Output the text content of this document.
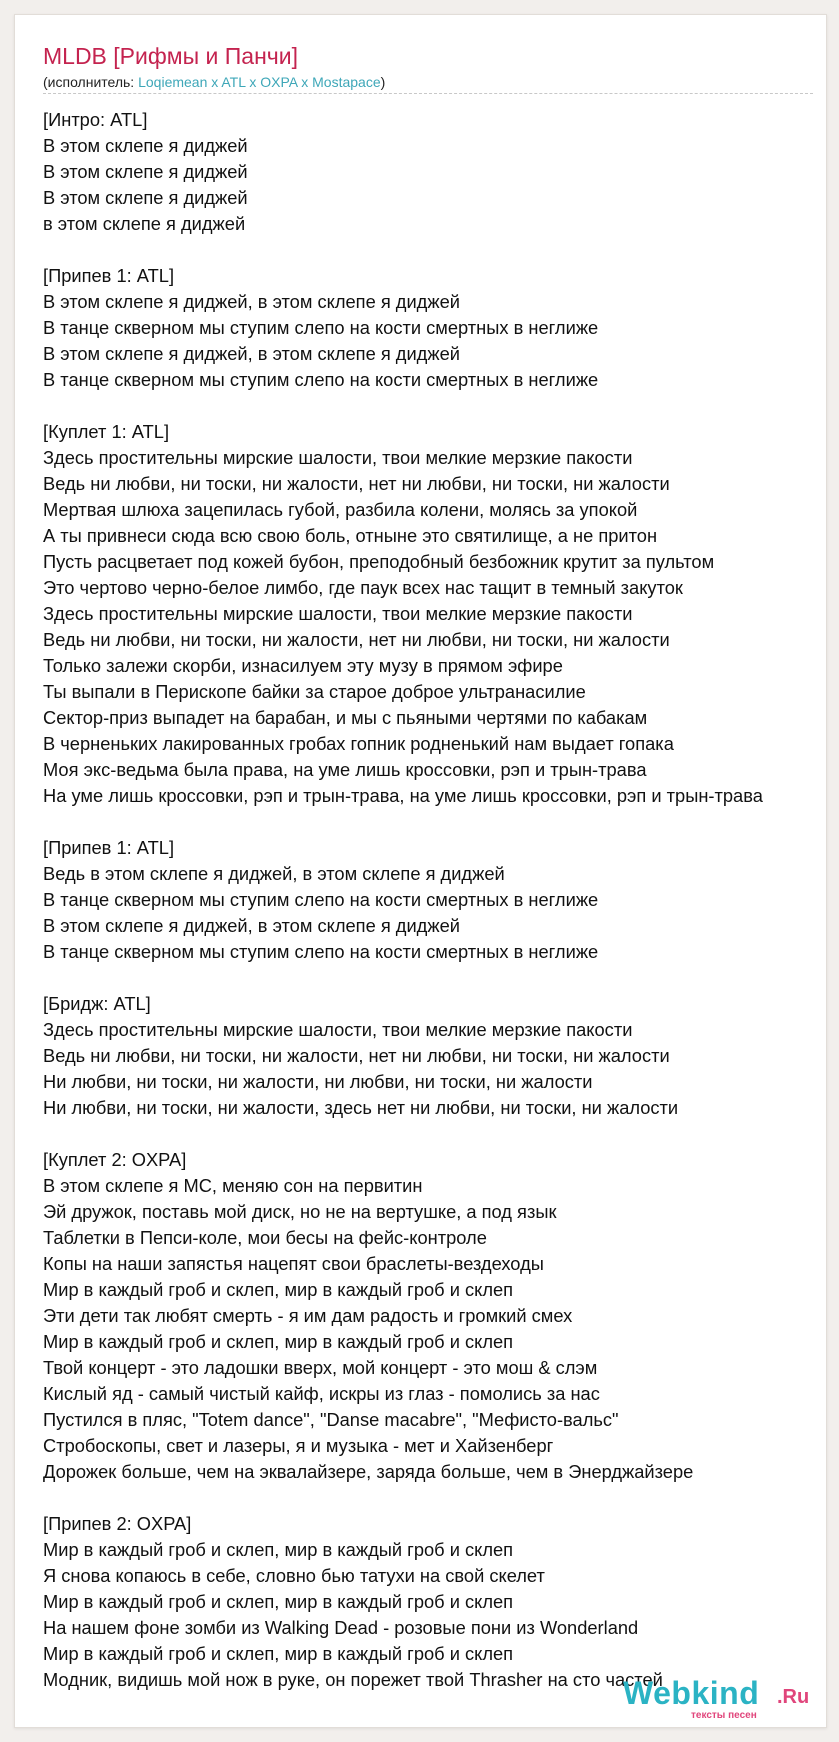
MLDB [Рифмы и Панчи]
(исполнитель: Loqiemean x ATL x OXPA x Mostapace)
[Интро: ATL]
В этом склепе я диджей
В этом склепе я диджей
В этом склепе я диджей
в этом склепе я диджей
[Припев 1: ATL]
В этом склепе я диджей, в этом склепе я диджей
В танце скверном мы ступим слепо на кости смертных в неглиже
В этом склепе я диджей, в этом склепе я диджей
В танце скверном мы ступим слепо на кости смертных в неглиже
[Куплет 1: ATL]
Здесь простительны мирские шалости, твои мелкие мерзкие пакости
Ведь ни любви, ни тоски, ни жалости, нет ни любви, ни тоски, ни жалости
Мертвая шлюха зацепилась губой, разбила колени, молясь за упокой
А ты привнеси сюда всю свою боль, отныне это святилище, а не притон
Пусть расцветает под кожей бубон, преподобный безбожник крутит за пультом
Это чертово черно-белое лимбо, где паук всех нас тащит в темный закуток
Здесь простительны мирские шалости, твои мелкие мерзкие пакости
Ведь ни любви, ни тоски, ни жалости, нет ни любви, ни тоски, ни жалости
Только залежи скорби, изнасилуем эту музу в прямом эфире
Ты выпали в Перископе байки за старое доброе ультранасилие
Сектор-приз выпадет на барабан, и мы с пьяными чертями по кабакам
В черненьких лакированных гробах гопник родненький нам выдает гопака
Моя экс-ведьма была права, на уме лишь кроссовки, рэп и трын-трава
На уме лишь кроссовки, рэп и трын-трава, на уме лишь кроссовки, рэп и трын-трава
[Припев 1: ATL]
Ведь в этом склепе я диджей, в этом склепе я диджей
В танце скверном мы ступим слепо на кости смертных в неглиже
В этом склепе я диджей, в этом склепе я диджей
В танце скверном мы ступим слепо на кости смертных в неглиже
[Бридж: ATL]
Здесь простительны мирские шалости, твои мелкие мерзкие пакости
Ведь ни любви, ни тоски, ни жалости, нет ни любви, ни тоски, ни жалости
Ни любви, ни тоски, ни жалости, ни любви, ни тоски, ни жалости
Ни любви, ни тоски, ни жалости, здесь нет ни любви, ни тоски, ни жалости
[Куплет 2: OXPA]
В этом склепе я МС, меняю сон на первитин
Эй дружок, поставь мой диск, но не на вертушке, а под язык
Таблетки в Пепси-коле, мои бесы на фейс-контроле
Копы на наши запястья нацепят свои браслеты-вездеходы
Мир в каждый гроб и склеп, мир в каждый гроб и склеп
Эти дети так любят смерть - я им дам радость и громкий смех
Мир в каждый гроб и склеп, мир в каждый гроб и склеп
Твой концерт - это ладошки вверх, мой концерт - это мош & слэм
Кислый яд - самый чистый кайф, искры из глаз - помолись за нас
Пустился в пляс, "Totem dance", "Danse macabre", "Мефисто-вальс"
Стробоскопы, свет и лазеры, я и музыка - мет и Хайзенберг
Дорожек больше, чем на эквалайзере, заряда больше, чем в Энерджайзере
[Припев 2: OXPA]
Мир в каждый гроб и склеп, мир в каждый гроб и склеп
Я снова копаюсь в себе, словно бью татухи на свой скелет
Мир в каждый гроб и склеп, мир в каждый гроб и склеп
На нашем фоне зомби из Walking Dead - розовые пони из Wonderland
Мир в каждый гроб и склеп, мир в каждый гроб и склеп
Модник, видишь мой нож в руке, он порежет твой Thrasher на сто частей
Webkind .Ru
тексты песен
